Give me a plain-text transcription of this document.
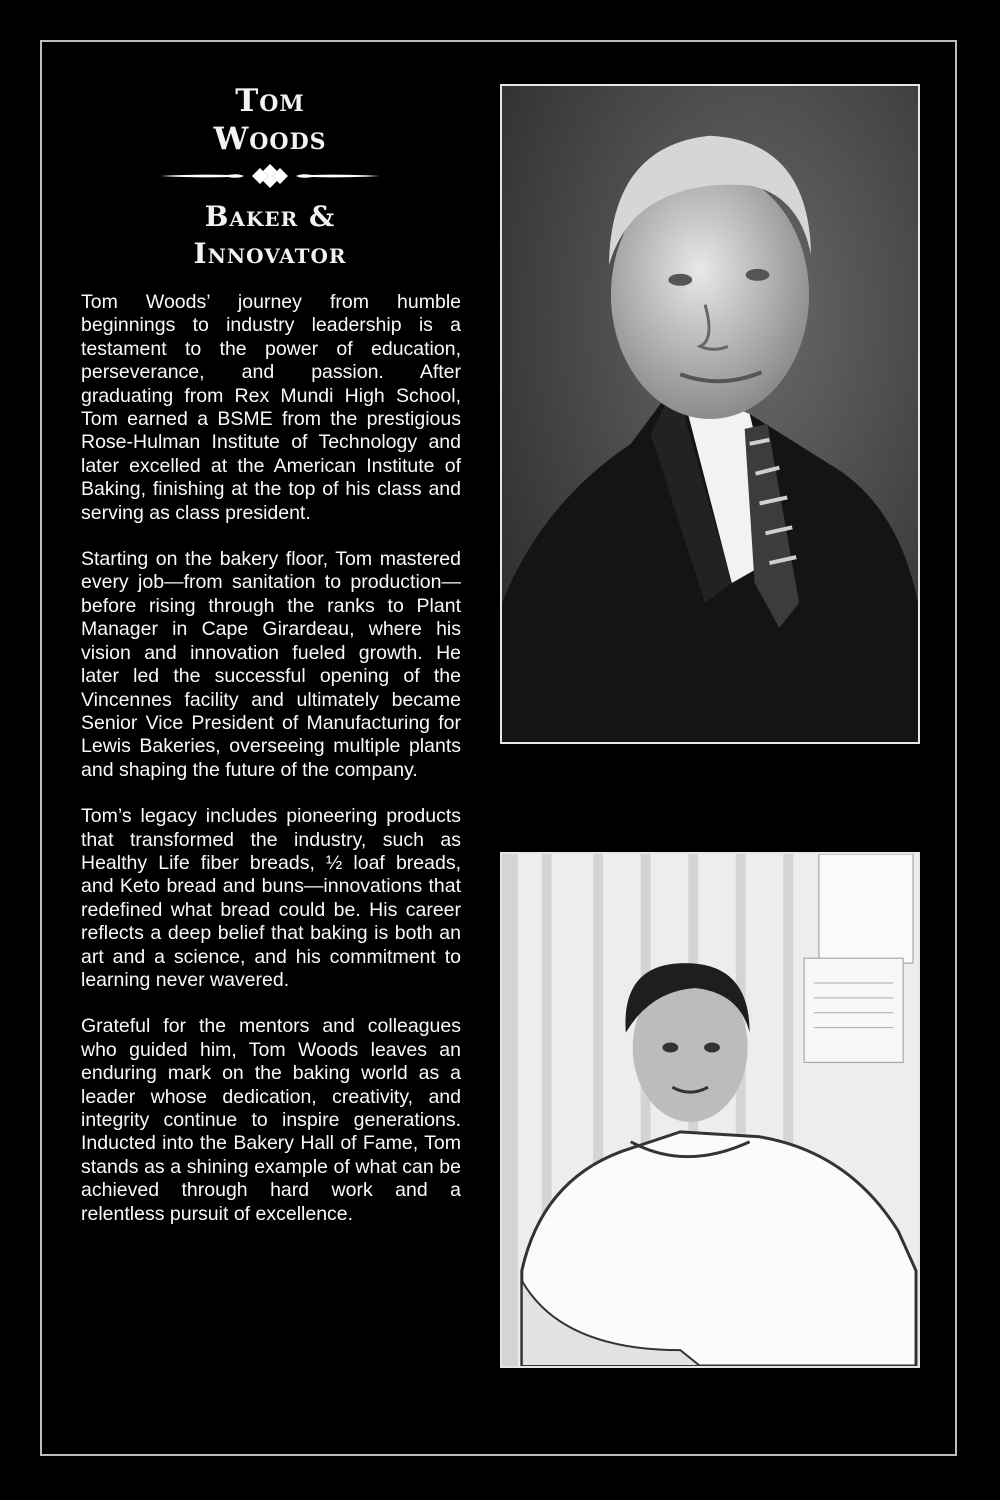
Tom
Woods
Baker &
Innovator

Tom Woods’ journey from humble beginnings to industry leadership is a testament to the power of education, perseverance, and passion. After graduating from Rex Mundi High School, Tom earned a BSME from the prestigious Rose-Hulman Institute of Technology and later excelled at the American Institute of Baking, finishing at the top of his class and serving as class president.

Starting on the bakery floor, Tom mastered every job—from sanitation to production—before rising through the ranks to Plant Manager in Cape Girardeau, where his vision and innovation fueled growth. He later led the successful opening of the Vincennes facility and ultimately became Senior Vice President of Manufacturing for Lewis Bakeries, overseeing multiple plants and shaping the future of the company.

Tom’s legacy includes pioneering products that transformed the industry, such as Healthy Life fiber breads, ½ loaf breads, and Keto bread and buns—innovations that redefined what bread could be. His career reflects a deep belief that baking is both an art and a science, and his commitment to learning never wavered.

Grateful for the mentors and colleagues who guided him, Tom Woods leaves an enduring mark on the baking world as a leader whose dedication, creativity, and integrity continue to inspire generations. Inducted into the Bakery Hall of Fame, Tom stands as a shining example of what can be achieved through hard work and a relentless pursuit of excellence.
